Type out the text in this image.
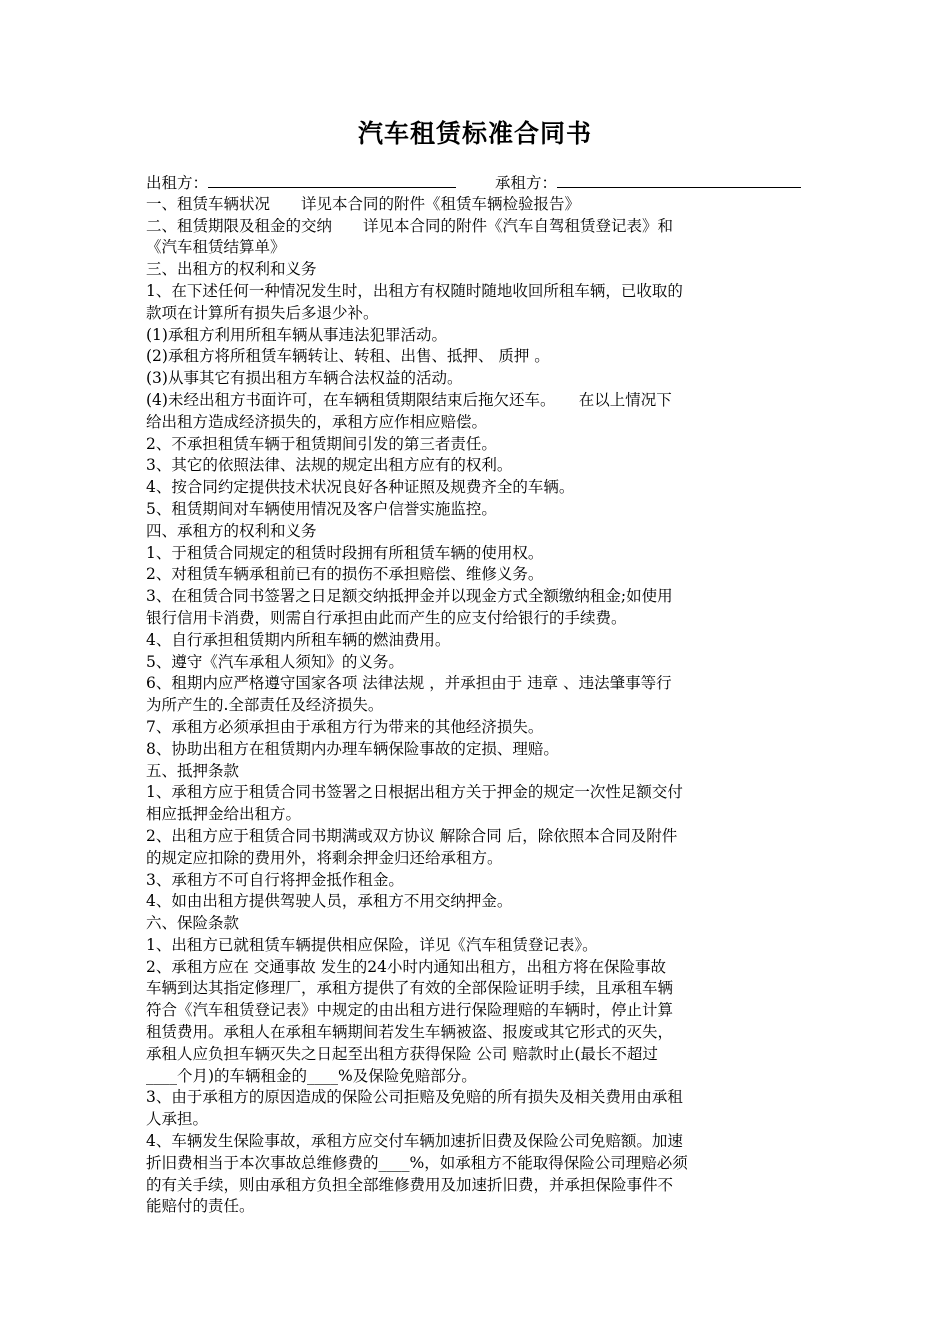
汽车租赁标准合同书
出租方：	承租方：
一、租赁车辆状况　　详见本合同的附件《租赁车辆检验报告》
二、租赁期限及租金的交纳　　详见本合同的附件《汽车自驾租赁登记表》和
《汽车租赁结算单》
三、出租方的权利和义务
1、在下述任何一种情况发生时，出租方有权随时随地收回所租车辆，已收取的
款项在计算所有损失后多退少补。
(1)承租方利用所租车辆从事违法犯罪活动。
(2)承租方将所租赁车辆转让、转租、出售、抵押、 质押 。
(3)从事其它有损出租方车辆合法权益的活动。
(4)未经出租方书面许可，在车辆租赁期限结束后拖欠还车。　　在以上情况下
给出租方造成经济损失的，承租方应作相应赔偿。
2、不承担租赁车辆于租赁期间引发的第三者责任。
3、其它的依照法律、法规的规定出租方应有的权利。
4、按合同约定提供技术状况良好各种证照及规费齐全的车辆。
5、租赁期间对车辆使用情况及客户信誉实施监控。
四、承租方的权利和义务
1、于租赁合同规定的租赁时段拥有所租赁车辆的使用权。
2、对租赁车辆承租前已有的损伤不承担赔偿、维修义务。
3、在租赁合同书签署之日足额交纳抵押金并以现金方式全额缴纳租金;如使用
银行信用卡消费，则需自行承担由此而产生的应支付给银行的手续费。
4、自行承担租赁期内所租车辆的燃油费用。
5、遵守《汽车承租人须知》的义务。
6、租期内应严格遵守国家各项 法律法规 ，并承担由于 违章 、违法肇事等行
为所产生的.全部责任及经济损失。
7、承租方必须承担由于承租方行为带来的其他经济损失。
8、协助出租方在租赁期内办理车辆保险事故的定损、理赔。
五、抵押条款
1、承租方应于租赁合同书签署之日根据出租方关于押金的规定一次性足额交付
相应抵押金给出租方。
2、出租方应于租赁合同书期满或双方协议 解除合同 后，除依照本合同及附件
的规定应扣除的费用外，将剩余押金归还给承租方。
3、承租方不可自行将押金抵作租金。
4、如由出租方提供驾驶人员，承租方不用交纳押金。
六、保险条款
1、出租方已就租赁车辆提供相应保险，详见《汽车租赁登记表》。
2、承租方应在 交通事故 发生的24小时内通知出租方，出租方将在保险事故
车辆到达其指定修理厂，承租方提供了有效的全部保险证明手续，且承租车辆
符合《汽车租赁登记表》中规定的由出租方进行保险理赔的车辆时，停止计算
租赁费用。承租人在承租车辆期间若发生车辆被盗、报废或其它形式的灭失，
承租人应负担车辆灭失之日起至出租方获得保险 公司 赔款时止(最长不超过
____个月)的车辆租金的____%及保险免赔部分。
3、由于承租方的原因造成的保险公司拒赔及免赔的所有损失及相关费用由承租
人承担。
4、车辆发生保险事故，承租方应交付车辆加速折旧费及保险公司免赔额。加速
折旧费相当于本次事故总维修费的____%，如承租方不能取得保险公司理赔必须
的有关手续，则由承租方负担全部维修费用及加速折旧费，并承担保险事件不
能赔付的责任。
